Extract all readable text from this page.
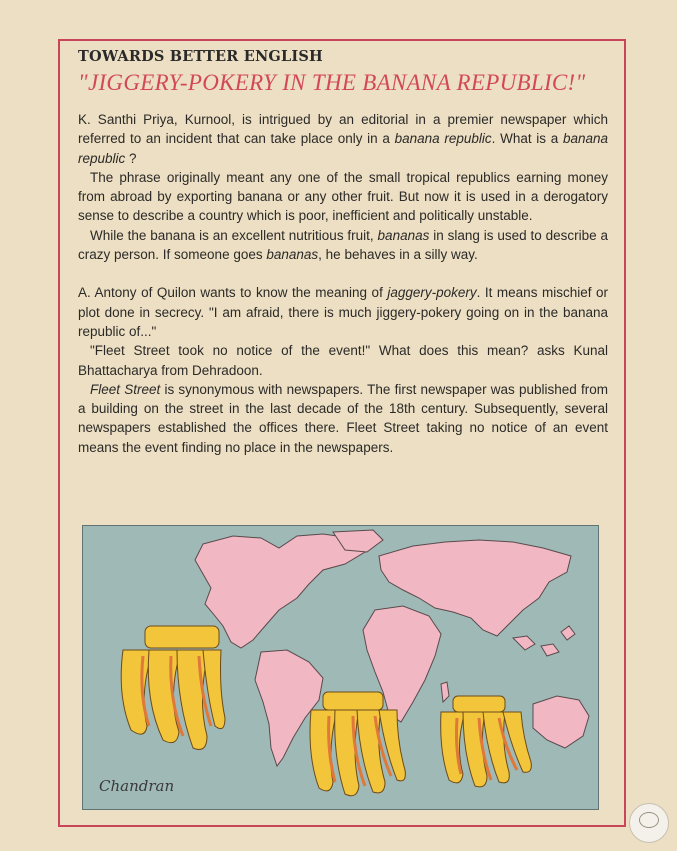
TOWARDS BETTER ENGLISH
"JIGGERY-POKERY IN THE BANANA REPUBLIC!"

K. Santhi Priya, Kurnool, is intrigued by an editorial in a premier newspaper which referred to an incident that can take place only in a banana republic. What is a banana republic ?

The phrase originally meant any one of the small tropical republics earning money from abroad by exporting banana or any other fruit. But now it is used in a derogatory sense to describe a country which is poor, inefficient and politically unstable.

While the banana is an excellent nutritious fruit, bananas in slang is used to describe a crazy person. If someone goes bananas, he behaves in a silly way.

A. Antony of Quilon wants to know the meaning of jaggery-pokery. It means mischief or plot done in secrecy. "I am afraid, there is much jiggery-pokery going on in the banana republic of..."

"Fleet Street took no notice of the event!" What does this mean? asks Kunal Bhattacharya from Dehradoon.

Fleet Street is synonymous with newspapers. The first newspaper was published from a building on the street in the last decade of the 18th century. Subsequently, several newspapers established the offices there. Fleet Street taking no notice of an event means the event finding no place in the newspapers.

Chandran
